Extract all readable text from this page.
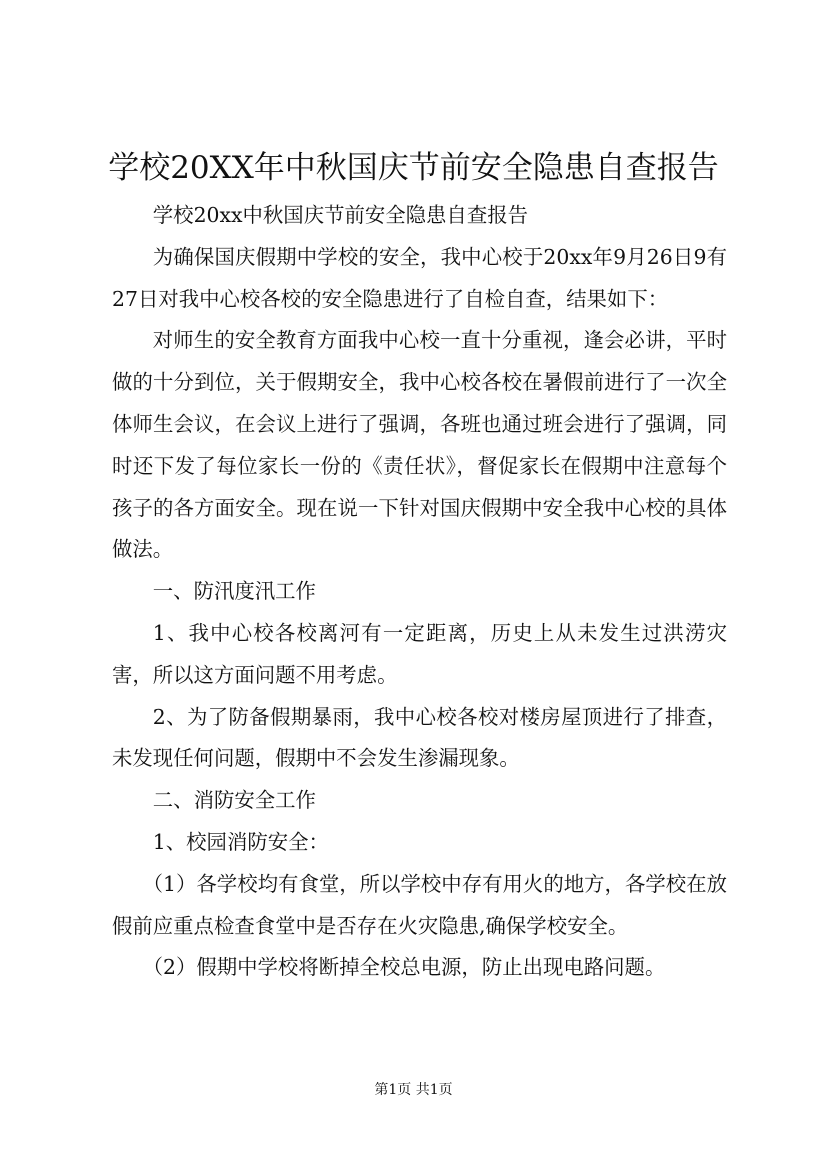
学校20XX年中秋国庆节前安全隐患自查报告

学校20xx中秋国庆节前安全隐患自查报告

为确保国庆假期中学校的安全，我中心校于20xx年9月26日9有27日对我中心校各校的安全隐患进行了自检自查，结果如下：

对师生的安全教育方面我中心校一直十分重视，逢会必讲，平时做的十分到位，关于假期安全，我中心校各校在暑假前进行了一次全体师生会议，在会议上进行了强调，各班也通过班会进行了强调，同时还下发了每位家长一份的《责任状》，督促家长在假期中注意每个孩子的各方面安全。现在说一下针对国庆假期中安全我中心校的具体做法。

一、防汛度汛工作

1、我中心校各校离河有一定距离，历史上从未发生过洪涝灾害，所以这方面问题不用考虑。

2、为了防备假期暴雨，我中心校各校对楼房屋顶进行了排查，未发现任何问题，假期中不会发生渗漏现象。

二、消防安全工作

1、校园消防安全：

（1）各学校均有食堂，所以学校中存有用火的地方，各学校在放假前应重点检查食堂中是否存在火灾隐患,确保学校安全。

（2）假期中学校将断掉全校总电源，防止出现电路问题。

第1页 共1页
